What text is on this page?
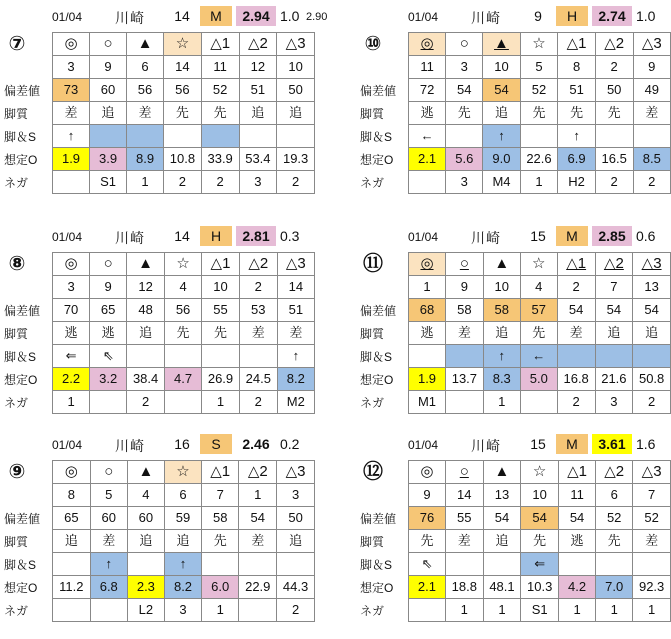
01/04 川崎	14	M	2.94 1.0 2.90
⑦
偏差値
脚質
脚＆S
想定O
ネガ
◎	○	▲	☆	△1	△2	△3
3	9	6	14	11	12	10
73	60	56	56	52	51	50
差	追	差	先	先	追	追
↑						
1.9	3.9	8.9	10.8	33.9	53.4	19.3
	S1	1	2	2	3	2
01/04 川崎	9	H	2.74 1.0
⑩
偏差値
脚質
脚＆S
想定O
ネガ
◎	○	▲	☆	△1	△2	△3
11	3	10	5	8	2	9
72	54	54	52	51	50	49
逃	先	追	先	先	先	差
←		↑		↑		
2.1	5.6	9.0	22.6	6.9	16.5	8.5
	3	M4	1	H2	2	2
01/04 川崎	14	H	2.81 0.3
⑧
偏差値
脚質
脚＆S
想定O
ネガ
◎	○	▲	☆	△1	△2	△3
3	9	12	4	10	2	14
70	65	48	56	55	53	51
逃	逃	追	先	先	差	差
⇐	⇖					↑
2.2	3.2	38.4	4.7	26.9	24.5	8.2
1		2		1	2	M2
01/04 川崎	15	M	2.85 0.6
⑪
偏差値
脚質
脚＆S
想定O
ネガ
◎	○	▲	☆	△1	△2	△3
1	9	10	4	2	7	13
68	58	58	57	54	54	54
逃	差	追	先	差	追	追
		↑	←			
1.9	13.7	8.3	5.0	16.8	21.6	50.8
M1		1		2	3	2
01/04 川崎	16	S	2.46 0.2
⑨
偏差値
脚質
脚＆S
想定O
ネガ
◎	○	▲	☆	△1	△2	△3
8	5	4	6	7	1	3
65	60	60	59	58	54	50
追	差	追	追	先	差	追
	↑		↑			
11.2	6.8	2.3	8.2	6.0	22.9	44.3
		L2	3	1		2
01/04 川崎	15	M	3.61 1.6
⑫
偏差値
脚質
脚＆S
想定O
ネガ
◎	○	▲	☆	△1	△2	△3
9	14	13	10	11	6	7
76	55	54	54	54	52	52
先	差	追	先	逃	先	差
⇖			⇐			
2.1	18.8	48.1	10.3	4.2	7.0	92.3
	1	1	S1	1	1	1
